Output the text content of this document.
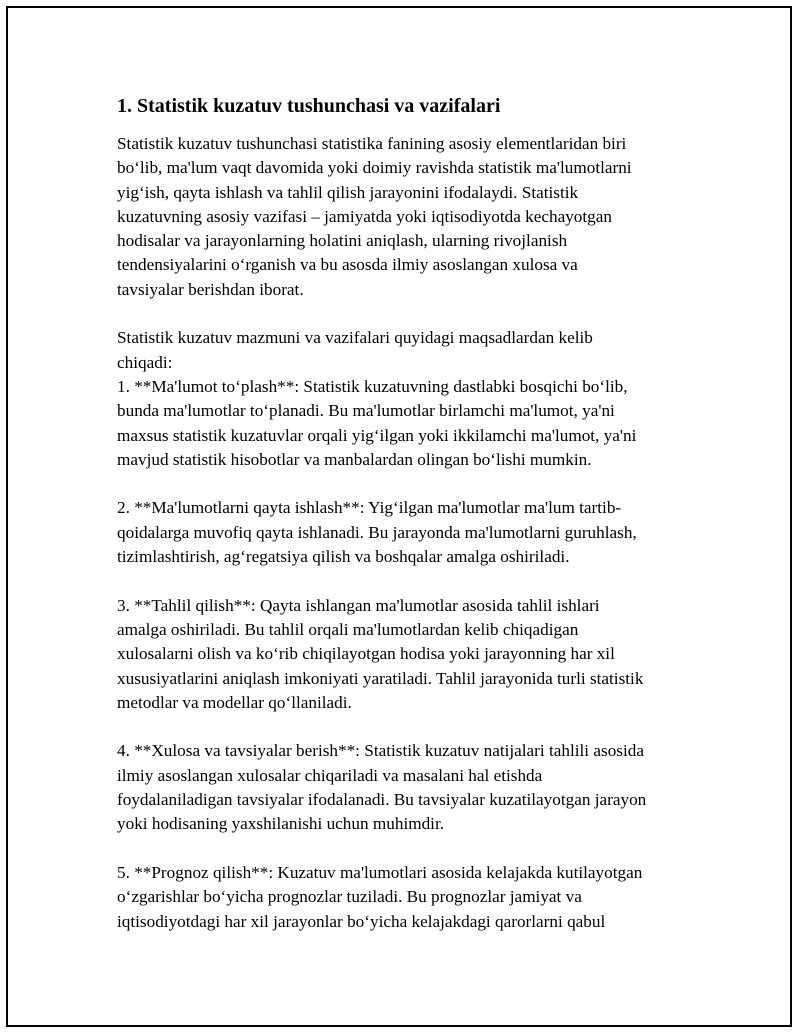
1. Statistik kuzatuv tushunchasi va vazifalari

Statistik kuzatuv tushunchasi statistika fanining asosiy elementlaridan biri
bo‘lib, ma'lum vaqt davomida yoki doimiy ravishda statistik ma'lumotlarni
yig‘ish, qayta ishlash va tahlil qilish jarayonini ifodalaydi. Statistik
kuzatuvning asosiy vazifasi – jamiyatda yoki iqtisodiyotda kechayotgan
hodisalar va jarayonlarning holatini aniqlash, ularning rivojlanish
tendensiyalarini o‘rganish va bu asosda ilmiy asoslangan xulosa va
tavsiyalar berishdan iborat.

Statistik kuzatuv mazmuni va vazifalari quyidagi maqsadlardan kelib
chiqadi:
1. **Ma'lumot to‘plash**: Statistik kuzatuvning dastlabki bosqichi bo‘lib,
bunda ma'lumotlar to‘planadi. Bu ma'lumotlar birlamchi ma'lumot, ya'ni
maxsus statistik kuzatuvlar orqali yig‘ilgan yoki ikkilamchi ma'lumot, ya'ni
mavjud statistik hisobotlar va manbalardan olingan bo‘lishi mumkin.

2. **Ma'lumotlarni qayta ishlash**: Yig‘ilgan ma'lumotlar ma'lum tartib-
qoidalarga muvofiq qayta ishlanadi. Bu jarayonda ma'lumotlarni guruhlash,
tizimlashtirish, ag‘regatsiya qilish va boshqalar amalga oshiriladi.

3. **Tahlil qilish**: Qayta ishlangan ma'lumotlar asosida tahlil ishlari
amalga oshiriladi. Bu tahlil orqali ma'lumotlardan kelib chiqadigan
xulosalarni olish va ko‘rib chiqilayotgan hodisa yoki jarayonning har xil
xususiyatlarini aniqlash imkoniyati yaratiladi. Tahlil jarayonida turli statistik
metodlar va modellar qo‘llaniladi.

4. **Xulosa va tavsiyalar berish**: Statistik kuzatuv natijalari tahlili asosida
ilmiy asoslangan xulosalar chiqariladi va masalani hal etishda
foydalaniladigan tavsiyalar ifodalanadi. Bu tavsiyalar kuzatilayotgan jarayon
yoki hodisaning yaxshilanishi uchun muhimdir.

5. **Prognoz qilish**: Kuzatuv ma'lumotlari asosida kelajakda kutilayotgan
o‘zgarishlar bo‘yicha prognozlar tuziladi. Bu prognozlar jamiyat va
iqtisodiyotdagi har xil jarayonlar bo‘yicha kelajakdagi qarorlarni qabul
